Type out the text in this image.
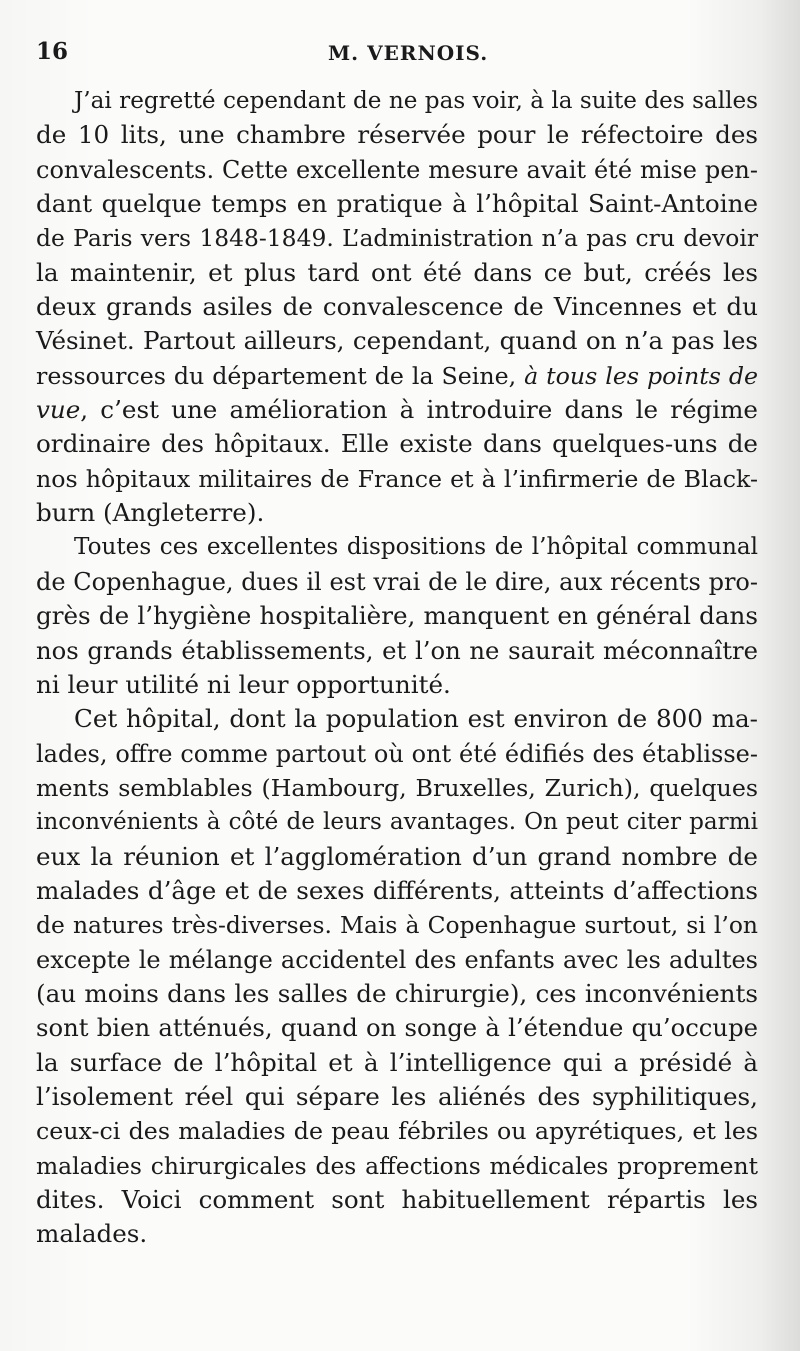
16	M. VERNOIS.
J’ai regretté cependant de ne pas voir, à la suite des salles
de 10 lits, une chambre réservée pour le réfectoire des
convalescents. Cette excellente mesure avait été mise pen-
dant quelque temps en pratique à l’hôpital Saint-Antoine
de Paris vers 1848-1849. L’administration n’a pas cru devoir
la maintenir, et plus tard ont été dans ce but, créés les
deux grands asiles de convalescence de Vincennes et du
Vésinet. Partout ailleurs, cependant, quand on n’a pas les
ressources du département de la Seine, à tous les points de
vue, c’est une amélioration à introduire dans le régime
ordinaire des hôpitaux. Elle existe dans quelques-uns de
nos hôpitaux militaires de France et à l’infirmerie de Black-
burn (Angleterre).
Toutes ces excellentes dispositions de l’hôpital communal
de Copenhague, dues il est vrai de le dire, aux récents pro-
grès de l’hygiène hospitalière, manquent en général dans
nos grands établissements, et l’on ne saurait méconnaître
ni leur utilité ni leur opportunité.
Cet hôpital, dont la population est environ de 800 ma-
lades, offre comme partout où ont été édifiés des établisse-
ments semblables (Hambourg, Bruxelles, Zurich), quelques
inconvénients à côté de leurs avantages. On peut citer parmi
eux la réunion et l’agglomération d’un grand nombre de
malades d’âge et de sexes différents, atteints d’affections
de natures très-diverses. Mais à Copenhague surtout, si l’on
excepte le mélange accidentel des enfants avec les adultes
(au moins dans les salles de chirurgie), ces inconvénients
sont bien atténués, quand on songe à l’étendue qu’occupe
la surface de l’hôpital et à l’intelligence qui a présidé à
l’isolement réel qui sépare les aliénés des syphilitiques,
ceux-ci des maladies de peau fébriles ou apyrétiques, et les
maladies chirurgicales des affections médicales proprement
dites. Voici comment sont habituellement répartis les
malades.
